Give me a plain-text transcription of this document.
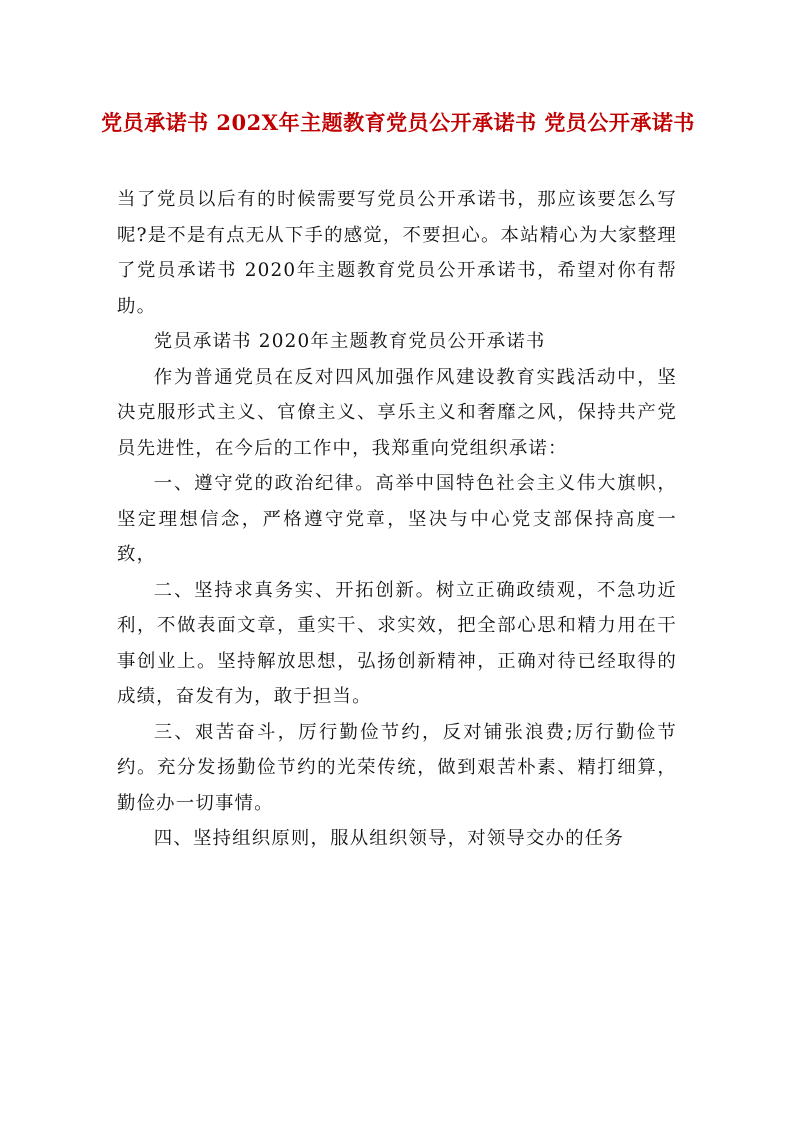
党员承诺书 202X年主题教育党员公开承诺书 党员公开承诺书

当了党员以后有的时候需要写党员公开承诺书，那应该要怎么写呢?是不是有点无从下手的感觉，不要担心。本站精心为大家整理了党员承诺书 2020年主题教育党员公开承诺书，希望对你有帮助。

党员承诺书 2020年主题教育党员公开承诺书

作为普通党员在反对四风加强作风建设教育实践活动中，坚决克服形式主义、官僚主义、享乐主义和奢靡之风，保持共产党员先进性，在今后的工作中，我郑重向党组织承诺：

一、遵守党的政治纪律。高举中国特色社会主义伟大旗帜，坚定理想信念，严格遵守党章，坚决与中心党支部保持高度一致，

二、坚持求真务实、开拓创新。树立正确政绩观，不急功近利，不做表面文章，重实干、求实效，把全部心思和精力用在干事创业上。坚持解放思想，弘扬创新精神，正确对待已经取得的成绩，奋发有为，敢于担当。

三、艰苦奋斗，厉行勤俭节约，反对铺张浪费;厉行勤俭节约。充分发扬勤俭节约的光荣传统，做到艰苦朴素、精打细算，勤俭办一切事情。

四、坚持组织原则，服从组织领导，对领导交办的任务
